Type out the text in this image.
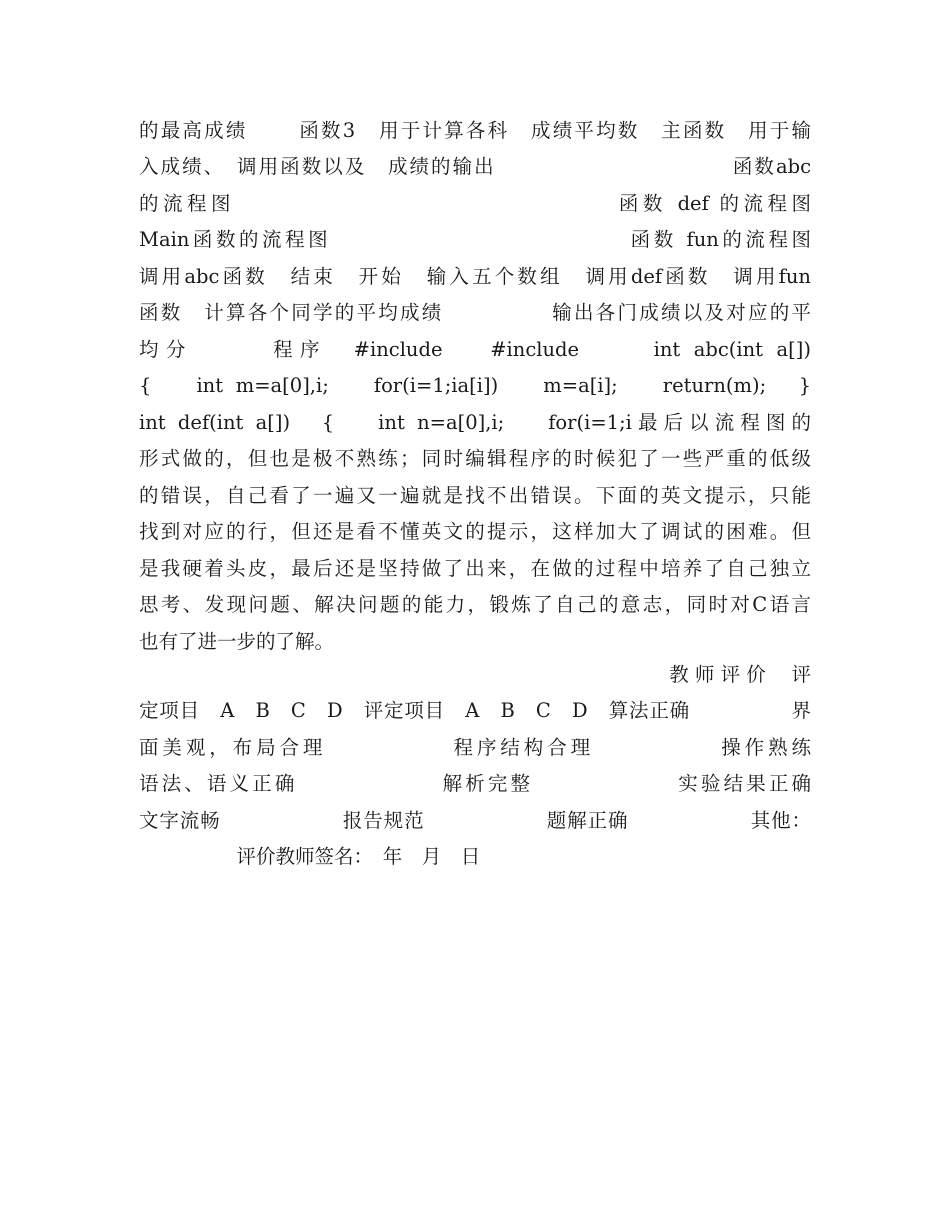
的最高成绩　　 函数3　用于计算各科　成绩平均数　主函数　用于输
入成绩、　调用函数以及　成绩的输出　　　　　　　　　　　函数abc
的流程图　　　　　　　　　　　　　　　　函数 def 的流程图
Main函数的流程图　　　　　　　　　　　　　函数 fun的流程图
调用abc函数　结束　开始　输入五个数组　调用def函数　调用fun
函数　计算各个同学的平均成绩　　　　　输出各门成绩以及对应的平
均分　　　程序　#include　 #include　　 int abc(int a[])
{　 int m=a[0],i;　 for(i=1;ia[i])　 m=a[i];　 return(m);　}
int def(int a[])　{　 int n=a[0],i;　 for(i=1;i最后以流程图的
形式做的，但也是极不熟练；同时编辑程序的时候犯了一些严重的低级
的错误，自己看了一遍又一遍就是找不出错误。下面的英文提示，只能
找到对应的行，但还是看不懂英文的提示，这样加大了调试的困难。但
是我硬着头皮，最后还是坚持做了出来，在做的过程中培养了自己独立
思考、发现问题、解决问题的能力，锻炼了自己的意志，同时对C语言
也有了进一步的了解。
教 师 评 价　 评
定项目　A　B　C　D　评定项目　A　B　C　D　算法正确　　　　　界
面美观，布局合理　　　　　 程序结构合理　　　　　 操作熟练
语法、语义正确　　　　　　 解析完整　　　　　　 实验结果正确
文字流畅　　　　　　报告规范　　　　　　题解正确　　　　　　其他：
　　　　　评价教师签名：　年　月　日
